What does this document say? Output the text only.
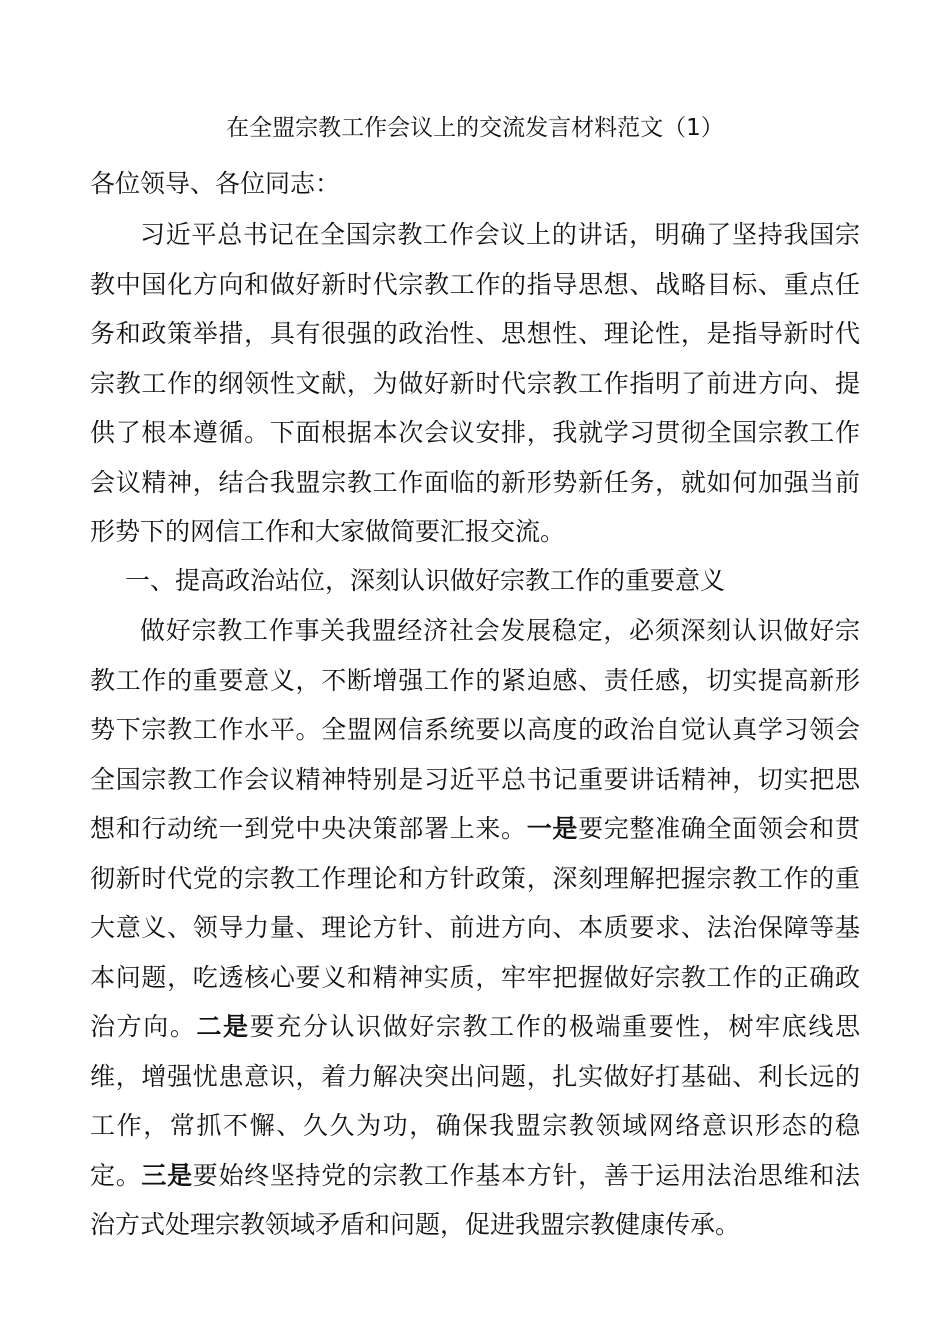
在全盟宗教工作会议上的交流发言材料范文（1）
各位领导、各位同志：

习近平总书记在全国宗教工作会议上的讲话，明确了坚持我国宗教中国化方向和做好新时代宗教工作的指导思想、战略目标、重点任务和政策举措，具有很强的政治性、思想性、理论性，是指导新时代宗教工作的纲领性文献，为做好新时代宗教工作指明了前进方向、提供了根本遵循。下面根据本次会议安排，我就学习贯彻全国宗教工作会议精神，结合我盟宗教工作面临的新形势新任务，就如何加强当前形势下的网信工作和大家做简要汇报交流。

一、提高政治站位，深刻认识做好宗教工作的重要意义

做好宗教工作事关我盟经济社会发展稳定，必须深刻认识做好宗教工作的重要意义，不断增强工作的紧迫感、责任感，切实提高新形势下宗教工作水平。全盟网信系统要以高度的政治自觉认真学习领会全国宗教工作会议精神特别是习近平总书记重要讲话精神，切实把思想和行动统一到党中央决策部署上来。一是要完整准确全面领会和贯彻新时代党的宗教工作理论和方针政策，深刻理解把握宗教工作的重大意义、领导力量、理论方针、前进方向、本质要求、法治保障等基本问题，吃透核心要义和精神实质，牢牢把握做好宗教工作的正确政治方向。二是要充分认识做好宗教工作的极端重要性，树牢底线思维，增强忧患意识，着力解决突出问题，扎实做好打基础、利长远的工作，常抓不懈、久久为功，确保我盟宗教领域网络意识形态的稳定。三是要始终坚持党的宗教工作基本方针，善于运用法治思维和法治方式处理宗教领域矛盾和问题，促进我盟宗教健康传承。
